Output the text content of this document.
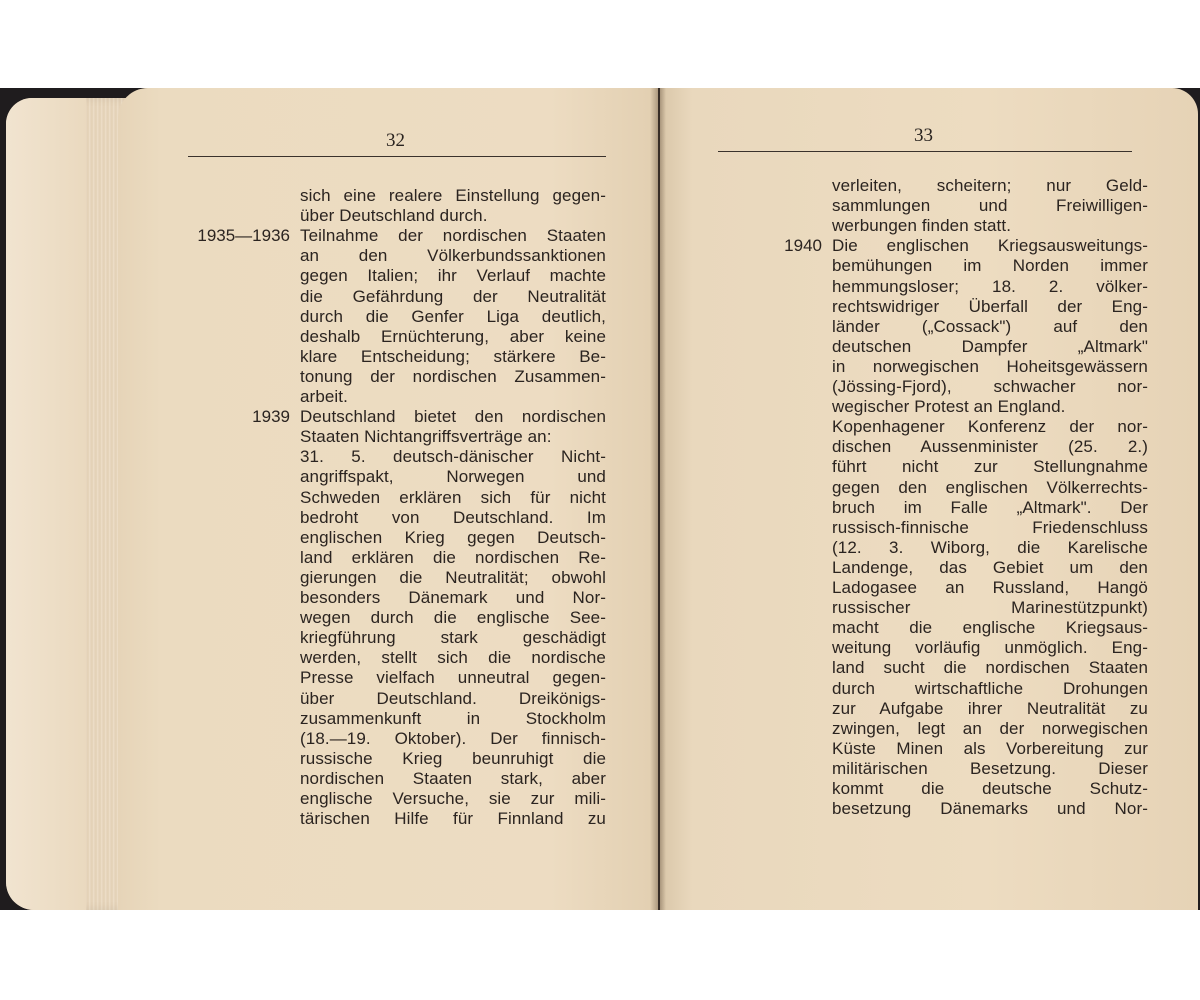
32	33
sich eine realere Einstellung gegen-
über Deutschland durch.
Teilnahme der nordischen Staaten
an den Völkerbundssanktionen
gegen Italien; ihr Verlauf machte
die Gefährdung der Neutralität
durch die Genfer Liga deutlich,
deshalb Ernüchterung, aber keine
klare Entscheidung; stärkere Be-
tonung der nordischen Zusammen-
arbeit.
Deutschland bietet den nordischen
Staaten Nichtangriffsverträge an:
31. 5. deutsch-dänischer Nicht-
angriffspakt, Norwegen und
Schweden erklären sich für nicht
bedroht von Deutschland. Im
englischen Krieg gegen Deutsch-
land erklären die nordischen Re-
gierungen die Neutralität; obwohl
besonders Dänemark und Nor-
wegen durch die englische See-
kriegführung stark geschädigt
werden, stellt sich die nordische
Presse vielfach unneutral gegen-
über Deutschland. Dreikönigs-
zusammenkunft in Stockholm
(18.—19. Oktober). Der finnisch-
russische Krieg beunruhigt die
nordischen Staaten stark, aber
englische Versuche, sie zur mili-
tärischen Hilfe für Finnland zu
1935—1936
1939
verleiten, scheitern; nur Geld-
sammlungen und Freiwilligen-
werbungen finden statt.
Die englischen Kriegsausweitungs-
bemühungen im Norden immer
hemmungsloser; 18. 2. völker-
rechtswidriger Überfall der Eng-
länder („Cossack") auf den
deutschen Dampfer „Altmark"
in norwegischen Hoheitsgewässern
(Jössing-Fjord), schwacher nor-
wegischer Protest an England.
Kopenhagener Konferenz der nor-
dischen Aussenminister (25. 2.)
führt nicht zur Stellungnahme
gegen den englischen Völkerrechts-
bruch im Falle „Altmark". Der
russisch-finnische Friedenschluss
(12. 3. Wiborg, die Karelische
Landenge, das Gebiet um den
Ladogasee an Russland, Hangö
russischer Marinestützpunkt)
macht die englische Kriegsaus-
weitung vorläufig unmöglich. Eng-
land sucht die nordischen Staaten
durch wirtschaftliche Drohungen
zur Aufgabe ihrer Neutralität zu
zwingen, legt an der norwegischen
Küste Minen als Vorbereitung zur
militärischen Besetzung. Dieser
kommt die deutsche Schutz-
besetzung Dänemarks und Nor-
1940
